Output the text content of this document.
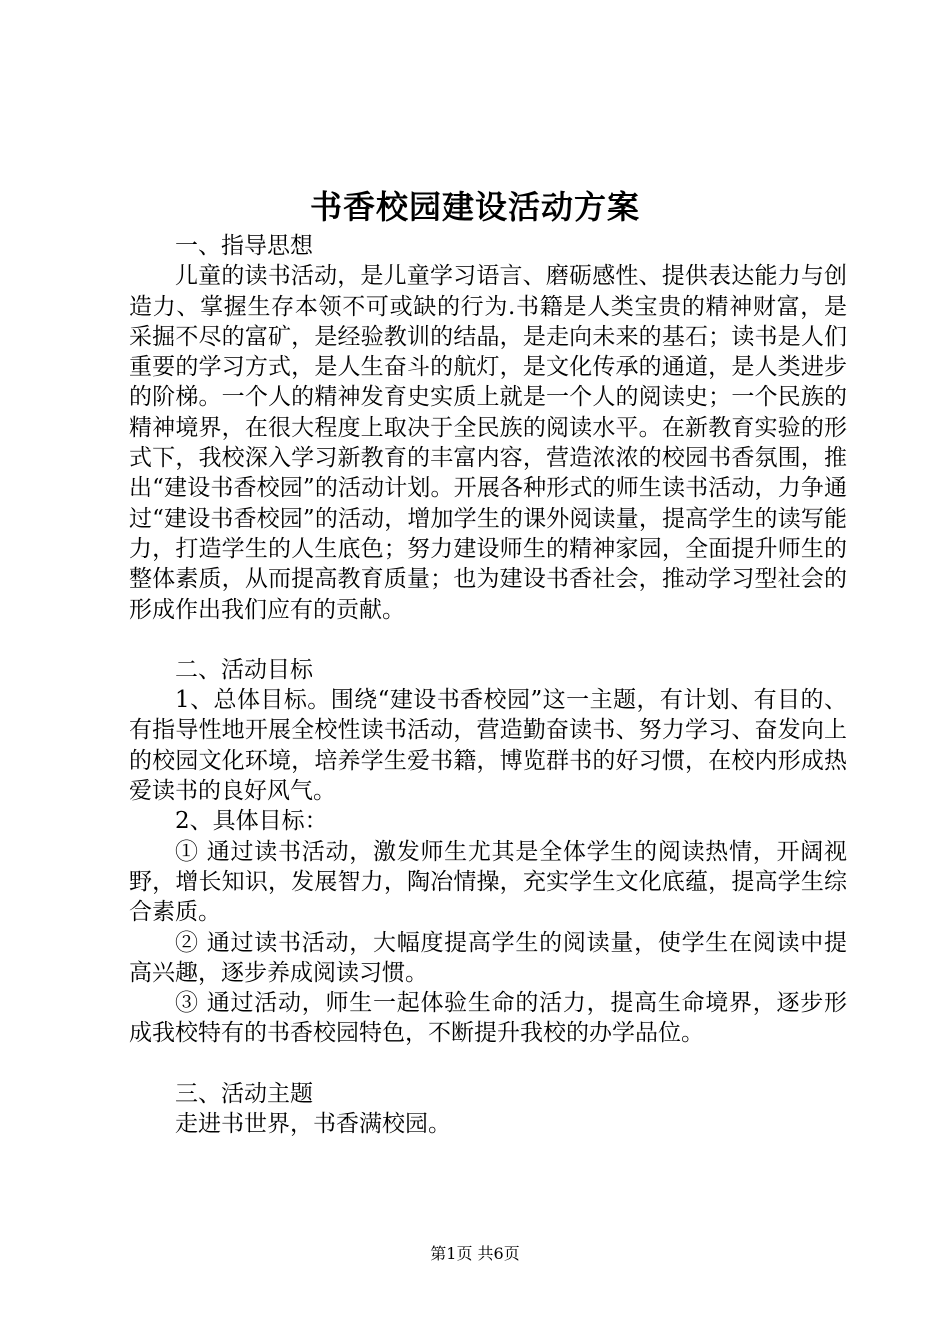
书香校园建设活动方案

一、指导思想

儿童的读书活动，是儿童学习语言、磨砺感性、提供表达能力与创造力、掌握生存本领不可或缺的行为.书籍是人类宝贵的精神财富，是采掘不尽的富矿，是经验教训的结晶，是走向未来的基石；读书是人们重要的学习方式，是人生奋斗的航灯，是文化传承的通道，是人类进步的阶梯。一个人的精神发育史实质上就是一个人的阅读史；一个民族的精神境界，在很大程度上取决于全民族的阅读水平。在新教育实验的形式下，我校深入学习新教育的丰富内容，营造浓浓的校园书香氛围，推出“建设书香校园”的活动计划。开展各种形式的师生读书活动，力争通过“建设书香校园”的活动，增加学生的课外阅读量，提高学生的读写能力，打造学生的人生底色；努力建设师生的精神家园，全面提升师生的整体素质，从而提高教育质量；也为建设书香社会，推动学习型社会的形成作出我们应有的贡献。

二、活动目标

1、总体目标。围绕“建设书香校园”这一主题，有计划、有目的、有指导性地开展全校性读书活动，营造勤奋读书、努力学习、奋发向上的校园文化环境，培养学生爱书籍，博览群书的好习惯，在校内形成热爱读书的良好风气。

2、具体目标：

① 通过读书活动，激发师生尤其是全体学生的阅读热情，开阔视野，增长知识，发展智力，陶冶情操，充实学生文化底蕴，提高学生综合素质。

② 通过读书活动，大幅度提高学生的阅读量，使学生在阅读中提高兴趣，逐步养成阅读习惯。

③ 通过活动，师生一起体验生命的活力，提高生命境界，逐步形成我校特有的书香校园特色，不断提升我校的办学品位。

三、活动主题

走进书世界，书香满校园。

第1页 共6页
